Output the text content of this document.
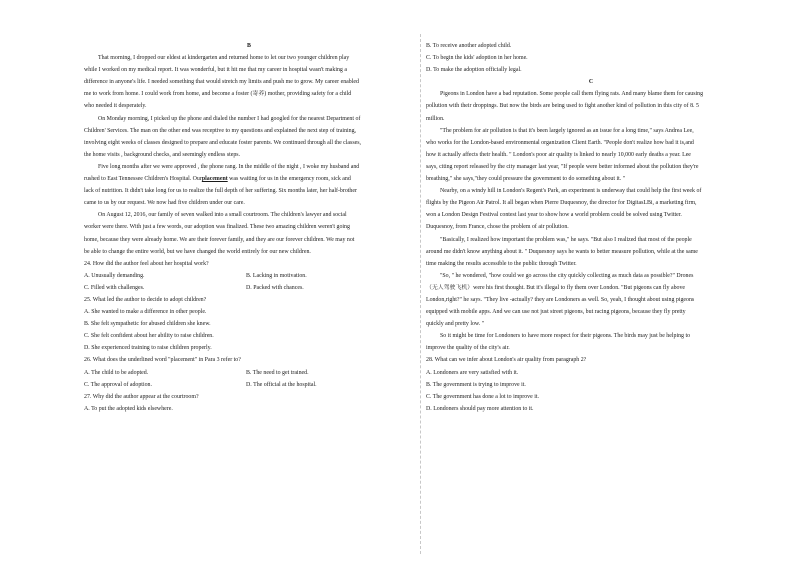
B
That morning, I dropped our eldest at kindergarten and returned home to let our two younger children play
while I worked on my medical report. It was wonderful, but it hit me that my career in hospital wasn't making a
difference in anyone's life. I needed something that would stretch my limits and push me to grow. My career enabled
me to work from home. I could work from home, and become a foster (寄养) mother, providing safety for a child
who needed it desperately.
On Monday morning, I picked up the phone and dialed the number I had googled for the nearest Department of
Children' Services. The man on the other end was receptive to my questions and explained the next step of training,
involving eight weeks of classes designed to prepare and educate foster parents. We continued through all the classes,
the home visits , background checks, and seemingly endless steps.
Five long months after we were approved , the phone rang. In the middle of the night , I woke my husband and
rushed to East Tennessee Children's Hospital. Ourplacement was waiting for us in the emergency room, sick and
lack of nutrition. It didn't take long for us to realize the full depth of her suffering. Six months later, her half-brother
came to us by our request. We now had five children under our care.
On August 12, 2016, our family of seven walked into a small courtroom. The children's lawyer and social
worker were there. With just a few words, our adoption was finalized. These two amazing children weren't going
home, because they were already home. We are their forever family, and they are our forever children. We may not
be able to change the entire world, but we have changed the world entirely for our new children.
24. How did the author feel about her hospital work?
A. Unusually demanding.	B. Lacking in motivation.
C. Filled with challenges.	D. Packed with chances.
25. What led the author to decide to adopt children?
A. She wanted to make a difference in other people.
B. She felt sympathetic for abused children she knew.
C. She felt confident about her ability to raise children.
D. She experienced training to raise children properly.
26. What does the underlined word "placement" in Para 3 refer to?
A. The child to be adopted.	B. The need to get trained.
C. The approval of adoption.	D. The official at the hospital.
27. Why did the author appear at the courtroom?
A. To put the adopted kids elsewhere.
B. To receive another adopted child.
C. To begin the kids' adoption in her home.
D. To make the adoption officially legal.
C
Pigeons in London have a bad reputation. Some people call them flying rats. And many blame them for causing
pollution with their droppings. But now the birds are being used to fight another kind of pollution in this city of 8. 5
million.
"The problem for air pollution is that it's been largely ignored as an issue for a long time," says Andrea Lee,
who works for the London-based environmental organization Client Earth. "People don't realize how bad it is,and
how it actually affects their health. " London's poor air quality is linked to nearly 10,000 early deaths a year. Lee
says, citing report released by the city manager last year, "If people were better informed about the pollution they're
breathing," she says,"they could pressure the government to do something about it. "
Nearby, on a windy hill in London's Regent's Park, an experiment is underway that could help the first week of
flights by the Pigeon Air Patrol. It all began when Pierre Duquesnoy, the director for DigitasLBi, a marketing firm,
won a London Design Festival contest last year to show how a world problem could be solved using Twitter.
Duquesnoy, from France, chose the problem of air pollution.
"Basically, I realized how important the problem was," he says. "But also I realized that most of the people
around me didn't know anything about it. " Duquesnoy says he wants to better measure pollution, while at the same
time making the results accessible to the public through Twitter.
"So, " he wondered, "how could we go across the city quickly collecting as much data as possible?" Drones
（无人驾驶飞机）were his first thought. But it's illegal to fly them over London. "But pigeons can fly above
London,right?" he says. "They live -actually? they are Londoners as well. So, yeah, I thought about using pigeons
equipped with mobile apps. And we can use not just street pigeons, but racing pigeons, because they fly pretty
quickly and pretty low. "
So it might be time for Londoners to have more respect for their pigeons. The birds may just be helping to
improve the quality of the city's air.
28. What can we infer about London's air quality from paragraph 2?
A. Londoners are very satisfied with it.
B. The government is trying to improve it.
C. The government has done a lot to improve it.
D. Londoners should pay more attention to it.
